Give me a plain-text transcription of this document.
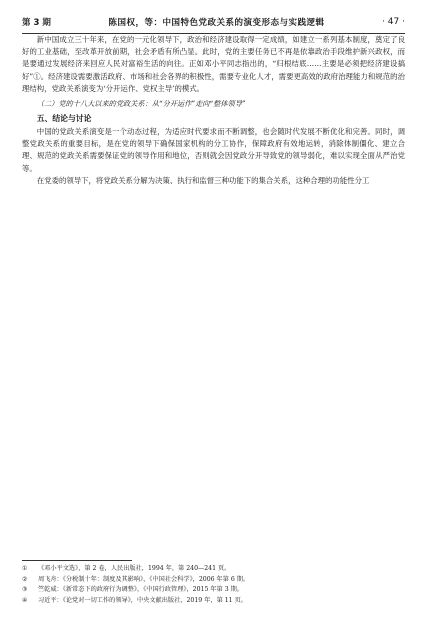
第 3 期	陈国权，等：中国特色党政关系的演变形态与实践逻辑	· 47 ·

新中国成立三十年来，在党的一元化领导下，政治和经济建设取得一定成绩，如建立一系列基本制度，奠定了良好的工业基础，至改革开放前期，社会矛盾有所凸显。此时，党的主要任务已不再是依靠政治手段维护新兴政权，而是要通过发展经济来回应人民对富裕生活的向往。正如邓小平同志指出的，“归根结底……主要是必须把经济建设搞好”①。经济建设需要激活政府、市场和社会各界的积极性，需要专业化人才，需要更高效的政府治理能力和规范的治理结构，党政关系演变为‘分开运作、党权主导’的模式。

（二）党的十八大以来的党政关系：从“分开运作”走向“整体领导”
五、结论与讨论

中国的党政关系演变是一个动态过程，为适应时代要求而不断调整，也会随时代发展不断优化和完善。同时，调整党政关系的重要目标，是在党的领导下确保国家机构的分工协作，保障政府有效地运转，消除体制僵化、建立合理、规范的党政关系需要保证党的领导作用和地位，否则就会因党政分开导致党的领导弱化，难以实现全面从严治党等。

在党委的领导下，将党政关系分解为决策、执行和监督三种功能下的集合关系，这种合理的功能性分工

①	《邓小平文选》，第 2 卷，人民出版社，1994 年，第 240—241 页。
②	周飞舟：《分税制十年：制度及其影响》，《中国社会科学》，2006 年第 6 期。
③	竺乾威：《新常态下的政府行为调整》，《中国行政管理》，2015 年第 3 期。
④	习近平：《论党对一切工作的领导》，中央文献出版社，2019 年，第 11 页。
